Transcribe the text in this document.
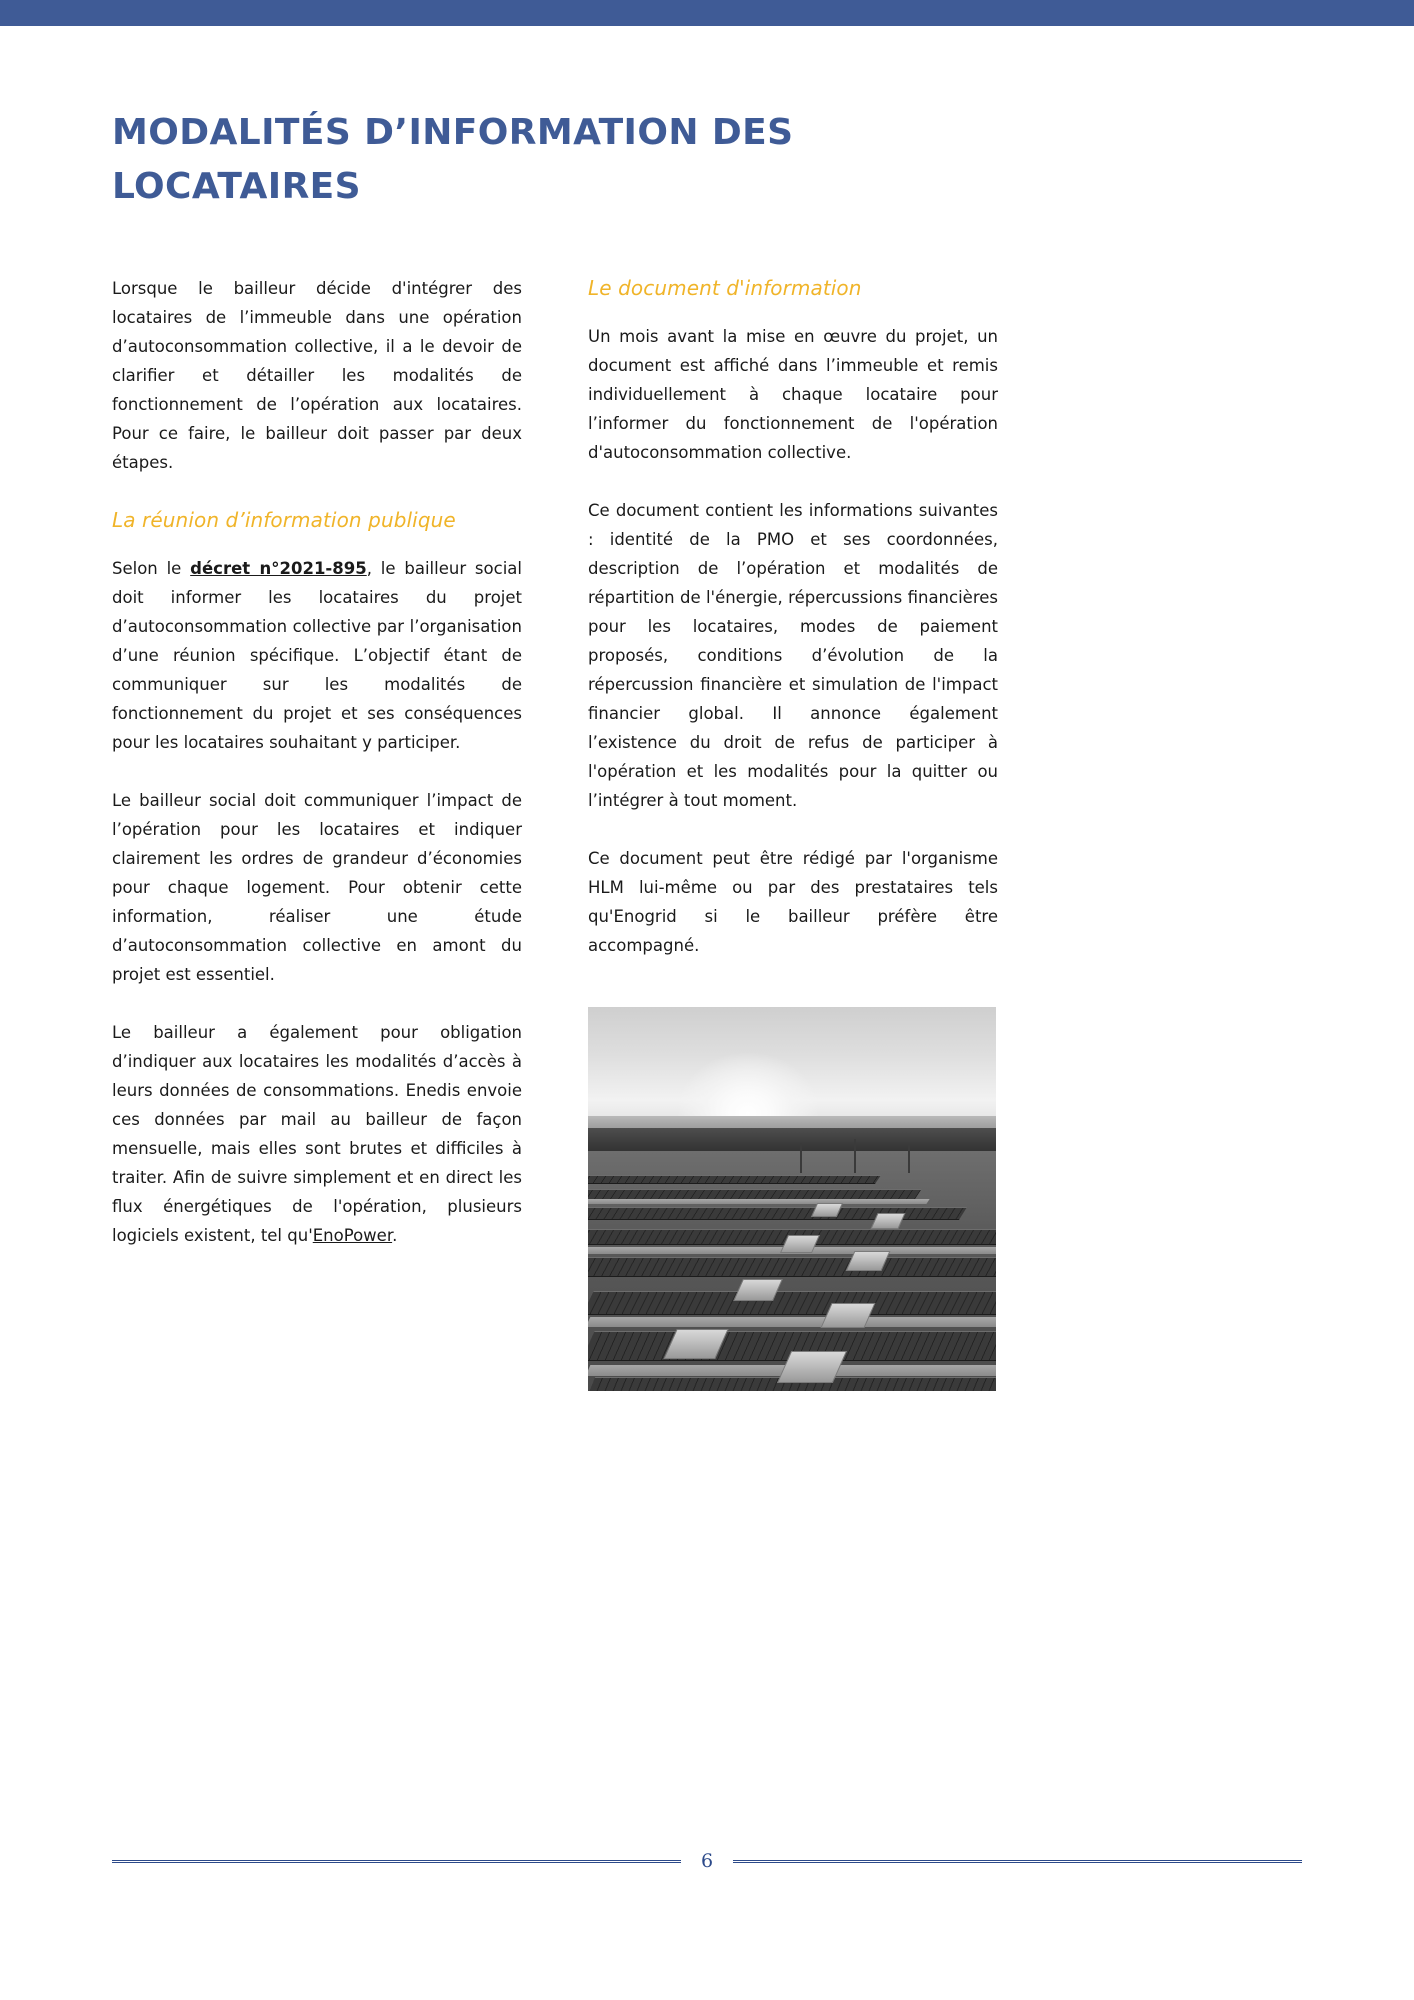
MODALITÉS D’INFORMATION DES LOCATAIRES

Lorsque le bailleur décide d'intégrer des locataires de l’immeuble dans une opération d’autoconsommation collective, il a le devoir de clarifier et détailler les modalités de fonctionnement de l’opération aux locataires. Pour ce faire, le bailleur doit passer par deux étapes.

La réunion d’information publique

Selon le décret n°2021-895, le bailleur social doit informer les locataires du projet d’autoconsommation collective par l’organisation d’une réunion spécifique. L’objectif étant de communiquer sur les modalités de fonctionnement du projet et ses conséquences pour les locataires souhaitant y participer.

Le bailleur social doit communiquer l’impact de l’opération pour les locataires et indiquer clairement les ordres de grandeur d’économies pour chaque logement. Pour obtenir cette information, réaliser une étude d’autoconsommation collective en amont du projet est essentiel.

Le bailleur a également pour obligation d’indiquer aux locataires les modalités d’accès à leurs données de consommations. Enedis envoie ces données par mail au bailleur de façon mensuelle, mais elles sont brutes et difficiles à traiter. Afin de suivre simplement et en direct les flux énergétiques de l'opération, plusieurs logiciels existent, tel qu'EnoPower.

Le document d'information

Un mois avant la mise en œuvre du projet, un document est affiché dans l’immeuble et remis individuellement à chaque locataire pour l’informer du fonctionnement de l'opération d'autoconsommation collective.

Ce document contient les informations suivantes : identité de la PMO et ses coordonnées, description de l’opération et modalités de répartition de l'énergie, répercussions financières pour les locataires, modes de paiement proposés, conditions d’évolution de la répercussion financière et simulation de l'impact financier global. Il annonce également l’existence du droit de refus de participer à l'opération et les modalités pour la quitter ou l’intégrer à tout moment.

Ce document peut être rédigé par l'organisme HLM lui-même ou par des prestataires tels qu'Enogrid si le bailleur préfère être accompagné.

6
